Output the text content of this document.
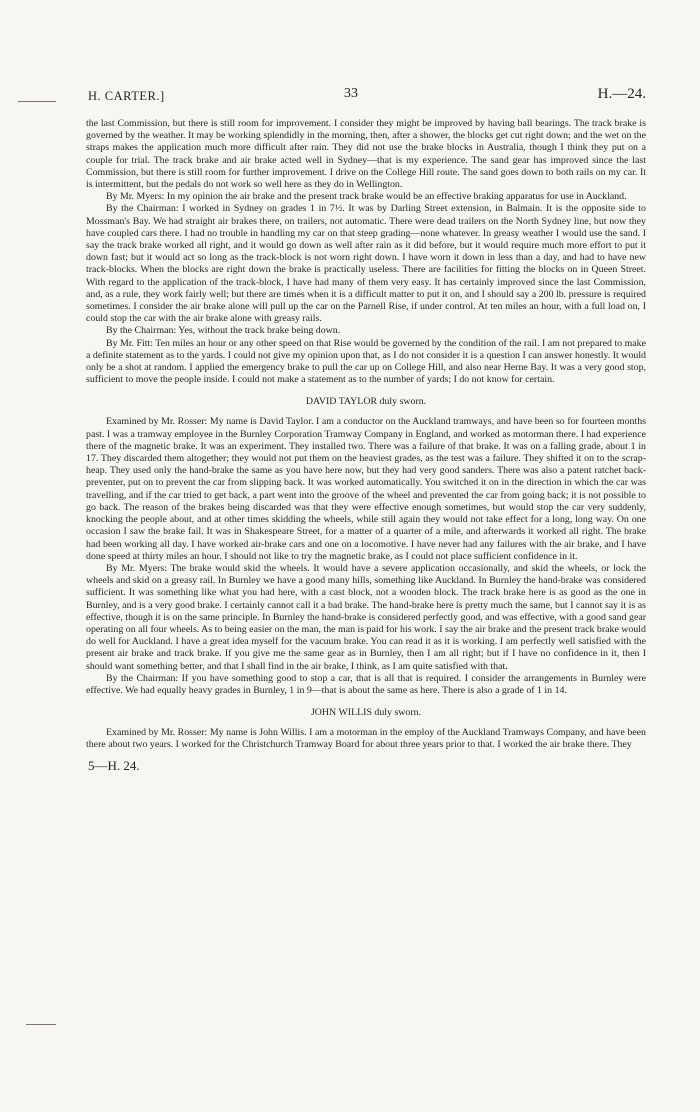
H. CARTER.]	33	H.—24.

the last Commission, but there is still room for improvement. I consider they might be improved by having ball bearings. The track brake is governed by the weather. It may be working splendidly in the morning, then, after a shower, the blocks get cut right down; and the wet on the straps makes the application much more difficult after rain. They did not use the brake blocks in Australia, though I think they put on a couple for trial. The track brake and air brake acted well in Sydney—that is my experience. The sand gear has improved since the last Commission, but there is still room for further improvement. I drive on the College Hill route. The sand goes down to both rails on my car. It is intermittent, but the pedals do not work so well here as they do in Wellington.

By Mr. Myers: In my opinion the air brake and the present track brake would be an effective braking apparatus for use in Auckland.

By the Chairman: I worked in Sydney on grades 1 in 7½. It was by Darling Street extension, in Balmain. It is the opposite side to Mossman's Bay. We had straight air brakes there, on trailers, not automatic. There were dead trailers on the North Sydney line, but now they have coupled cars there. I had no trouble in handling my car on that steep grading—none whatever. In greasy weather I would use the sand. I say the track brake worked all right, and it would go down as well after rain as it did before, but it would require much more effort to put it down fast; but it would act so long as the track-block is not worn right down. I have worn it down in less than a day, and had to have new track-blocks. When the blocks are right down the brake is practically useless. There are facilities for fitting the blocks on in Queen Street. With regard to the application of the track-block, I have had many of them very easy. It has certainly improved since the last Commission, and, as a rule, they work fairly well; but there are times when it is a difficult matter to put it on, and I should say a 200 lb. pressure is required sometimes. I consider the air brake alone will pull up the car on the Parnell Rise, if under control. At ten miles an hour, with a full load on, I could stop the car with the air brake alone with greasy rails.

By the Chairman: Yes, without the track brake being down.

By Mr. Fitt: Ten miles an hour or any other speed on that Rise would be governed by the condition of the rail. I am not prepared to make a definite statement as to the yards. I could not give my opinion upon that, as I do not consider it is a question I can answer honestly. It would only be a shot at random. I applied the emergency brake to pull the car up on College Hill, and also near Herne Bay. It was a very good stop, sufficient to move the people inside. I could not make a statement as to the number of yards; I do not know for certain.

DAVID TAYLOR duly sworn.

Examined by Mr. Rosser: My name is David Taylor. I am a conductor on the Auckland tramways, and have been so for fourteen months past. I was a tramway employee in the Burnley Corporation Tramway Company in England, and worked as motorman there. I had experience there of the magnetic brake. It was an experiment. They installed two. There was a failure of that brake. It was on a falling grade, about 1 in 17. They discarded them altogether; they would not put them on the heaviest grades, as the test was a failure. They shifted it on to the scrap-heap. They used only the hand-brake the same as you have here now, but they had very good sanders. There was also a patent ratchet back-preventer, put on to prevent the car from slipping back. It was worked automatically. You switched it on in the direction in which the car was travelling, and if the car tried to get back, a part went into the groove of the wheel and prevented the car from going back; it is not possible to go back. The reason of the brakes being discarded was that they were effective enough sometimes, but would stop the car very suddenly, knocking the people about, and at other times skidding the wheels, while still again they would not take effect for a long, long way. On one occasion I saw the brake fail. It was in Shakespeare Street, for a matter of a quarter of a mile, and afterwards it worked all right. The brake had been working all day. I have worked air-brake cars and one on a locomotive. I have never had any failures with the air brake, and I have done speed at thirty miles an hour. I should not like to try the magnetic brake, as I could not place sufficient confidence in it.

By Mr. Myers: The brake would skid the wheels. It would have a severe application occasionally, and skid the wheels, or lock the wheels and skid on a greasy rail. In Burnley we have a good many hills, something like Auckland. In Burnley the hand-brake was considered sufficient. It was something like what you had here, with a cast block, not a wooden block. The track brake here is as good as the one in Burnley, and is a very good brake. I certainly cannot call it a bad brake. The hand-brake here is pretty much the same, but I cannot say it is as effective, though it is on the same principle. In Burnley the hand-brake is considered perfectly good, and was effective, with a good sand gear operating on all four wheels. As to being easier on the man, the man is paid for his work. I say the air brake and the present track brake would do well for Auckland. I have a great idea myself for the vacuum brake. You can read it as it is working. I am perfectly well satisfied with the present air brake and track brake. If you give me the same gear as in Burnley, then I am all right; but if I have no confidence in it, then I should want something better, and that I shall find in the air brake, I think, as I am quite satisfied with that.

By the Chairman: If you have something good to stop a car, that is all that is required. I consider the arrangements in Burnley were effective. We had equally heavy grades in Burnley, 1 in 9—that is about the same as here. There is also a grade of 1 in 14.

JOHN WILLIS duly sworn.

Examined by Mr. Rosser: My name is John Willis. I am a motorman in the employ of the Auckland Tramways Company, and have been there about two years. I worked for the Christchurch Tramway Board for about three years prior to that. I worked the air brake there. They

5—H. 24.
